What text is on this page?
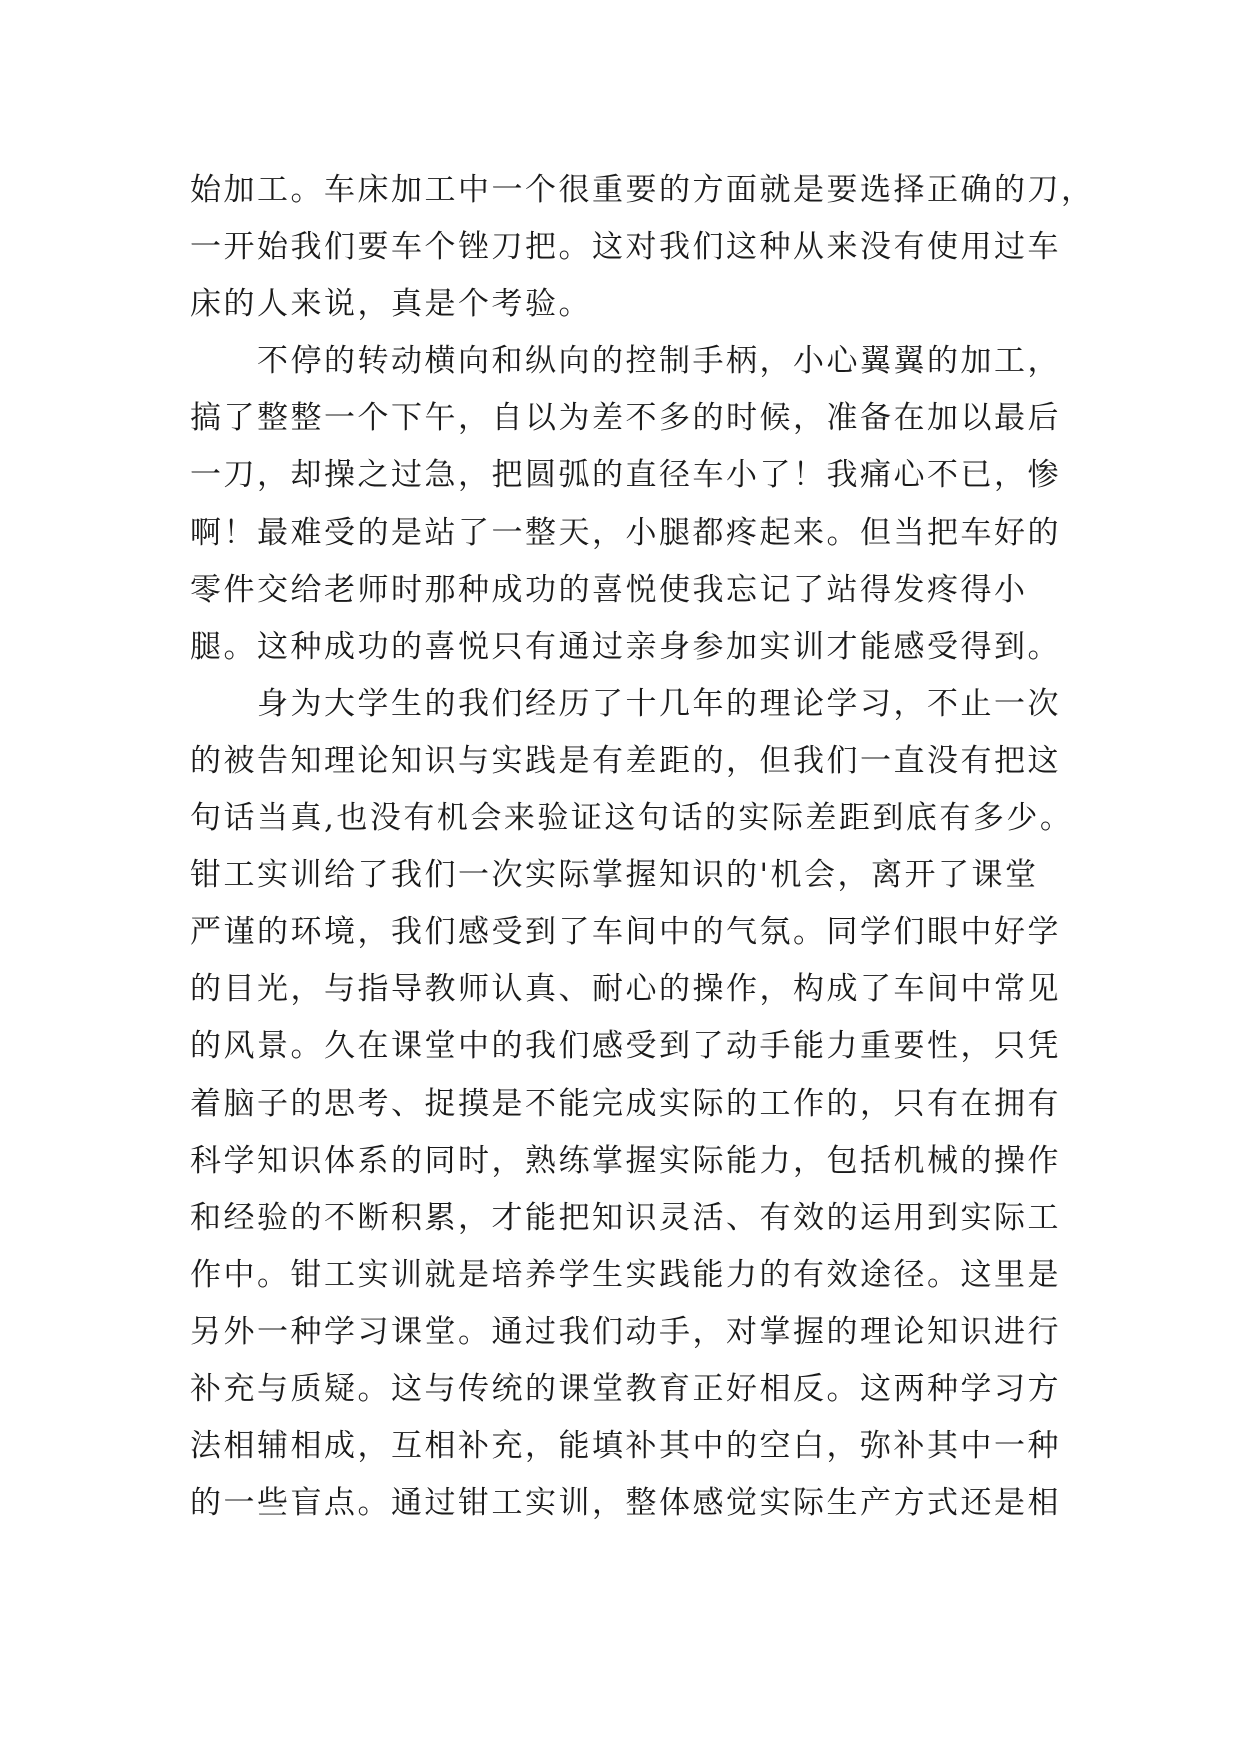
始加工。车床加工中一个很重要的方面就是要选择正确的刀，
一开始我们要车个锉刀把。这对我们这种从来没有使用过车
床的人来说，真是个考验。
　　不停的转动横向和纵向的控制手柄，小心翼翼的加工，
搞了整整一个下午，自以为差不多的时候，准备在加以最后
一刀，却操之过急，把圆弧的直径车小了！我痛心不已，惨
啊！最难受的是站了一整天，小腿都疼起来。但当把车好的
零件交给老师时那种成功的喜悦使我忘记了站得发疼得小
腿。这种成功的喜悦只有通过亲身参加实训才能感受得到。
　　身为大学生的我们经历了十几年的理论学习，不止一次
的被告知理论知识与实践是有差距的，但我们一直没有把这
句话当真,也没有机会来验证这句话的实际差距到底有多少。
钳工实训给了我们一次实际掌握知识的'机会，离开了课堂
严谨的环境，我们感受到了车间中的气氛。同学们眼中好学
的目光，与指导教师认真、耐心的操作，构成了车间中常见
的风景。久在课堂中的我们感受到了动手能力重要性，只凭
着脑子的思考、捉摸是不能完成实际的工作的，只有在拥有
科学知识体系的同时，熟练掌握实际能力，包括机械的操作
和经验的不断积累，才能把知识灵活、有效的运用到实际工
作中。钳工实训就是培养学生实践能力的有效途径。这里是
另外一种学习课堂。通过我们动手，对掌握的理论知识进行
补充与质疑。这与传统的课堂教育正好相反。这两种学习方
法相辅相成，互相补充，能填补其中的空白，弥补其中一种
的一些盲点。通过钳工实训，整体感觉实际生产方式还是相
